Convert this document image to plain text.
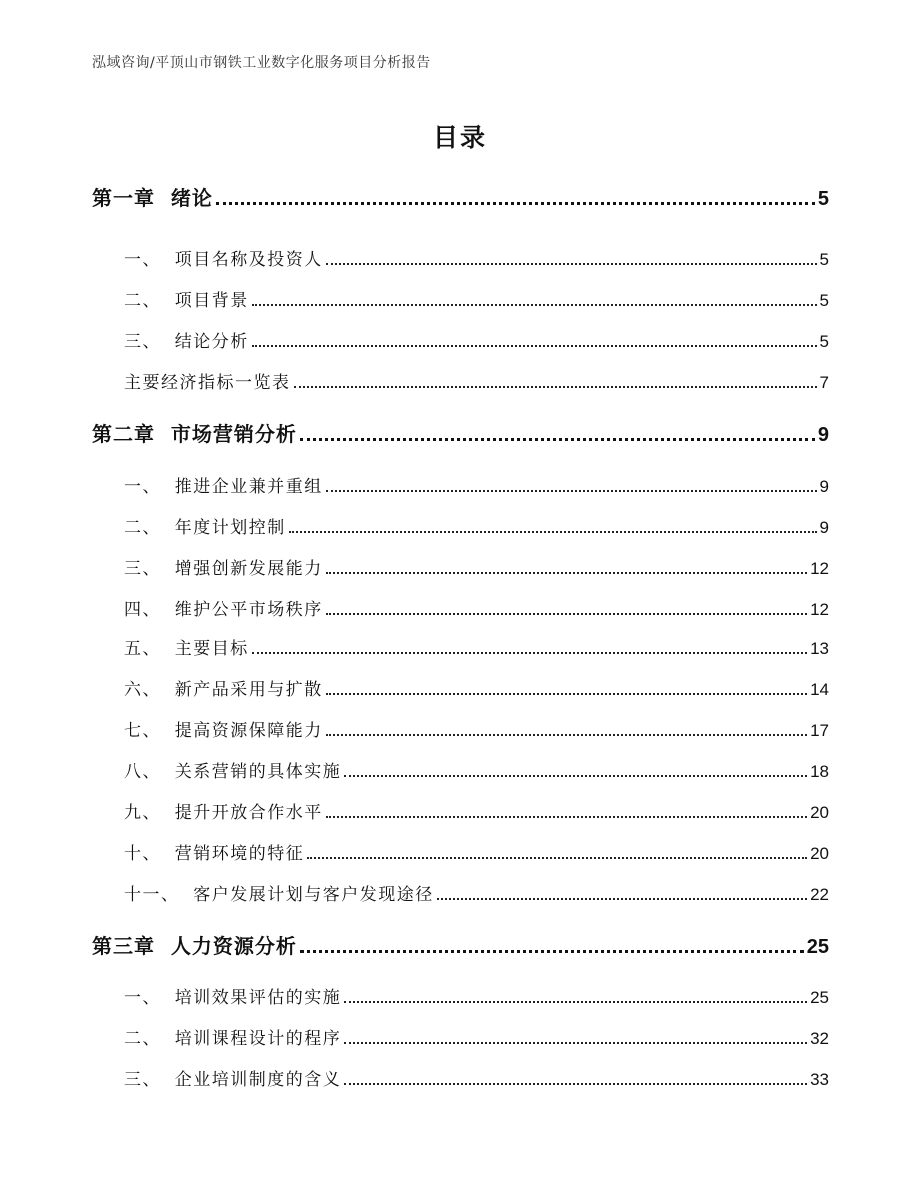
泓域咨询/平顶山市钢铁工业数字化服务项目分析报告
目录
第一章  绪论	5
一、  项目名称及投资人	5
二、  项目背景	5
三、  结论分析	5
主要经济指标一览表	7
第二章  市场营销分析	9
一、  推进企业兼并重组	9
二、  年度计划控制	9
三、  增强创新发展能力	12
四、  维护公平市场秩序	12
五、  主要目标	13
六、  新产品采用与扩散	14
七、  提高资源保障能力	17
八、  关系营销的具体实施	18
九、  提升开放合作水平	20
十、  营销环境的特征	20
十一、  客户发展计划与客户发现途径	22
第三章  人力资源分析	25
一、  培训效果评估的实施	25
二、  培训课程设计的程序	32
三、  企业培训制度的含义	33
